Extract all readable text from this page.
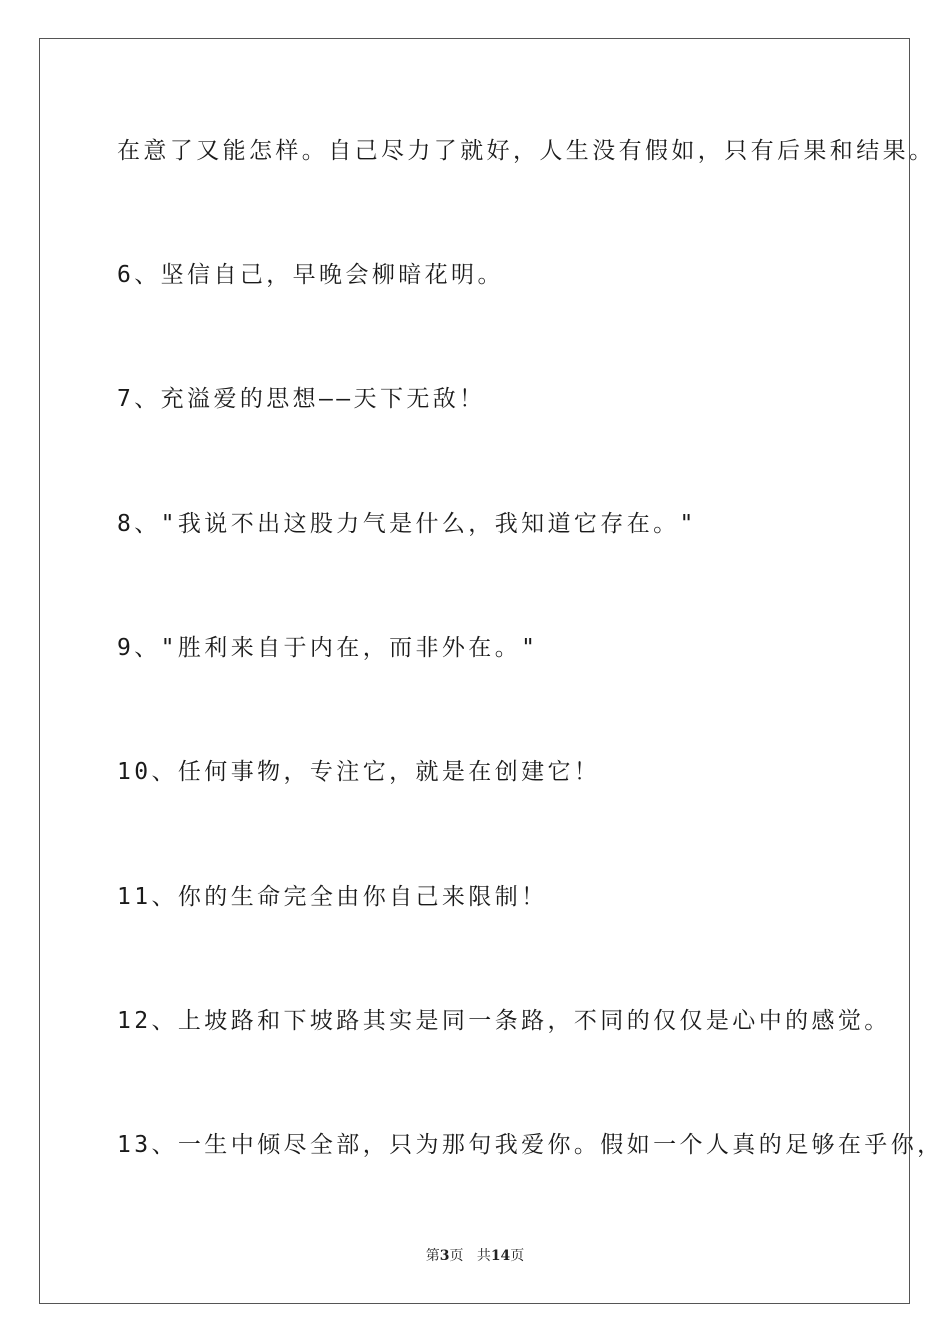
在意了又能怎样。自己尽力了就好，人生没有假如，只有后果和结果。

6、坚信自己，早晚会柳暗花明。

7、充溢爱的思想——天下无敌！

8、"我说不出这股力气是什么，我知道它存在。"

9、"胜利来自于内在，而非外在。"

10、任何事物，专注它，就是在创建它！

11、你的生命完全由你自己来限制！

12、上坡路和下坡路其实是同一条路，不同的仅仅是心中的感觉。

13、一生中倾尽全部，只为那句我爱你。假如一个人真的足够在乎你，

第3页 共14页
